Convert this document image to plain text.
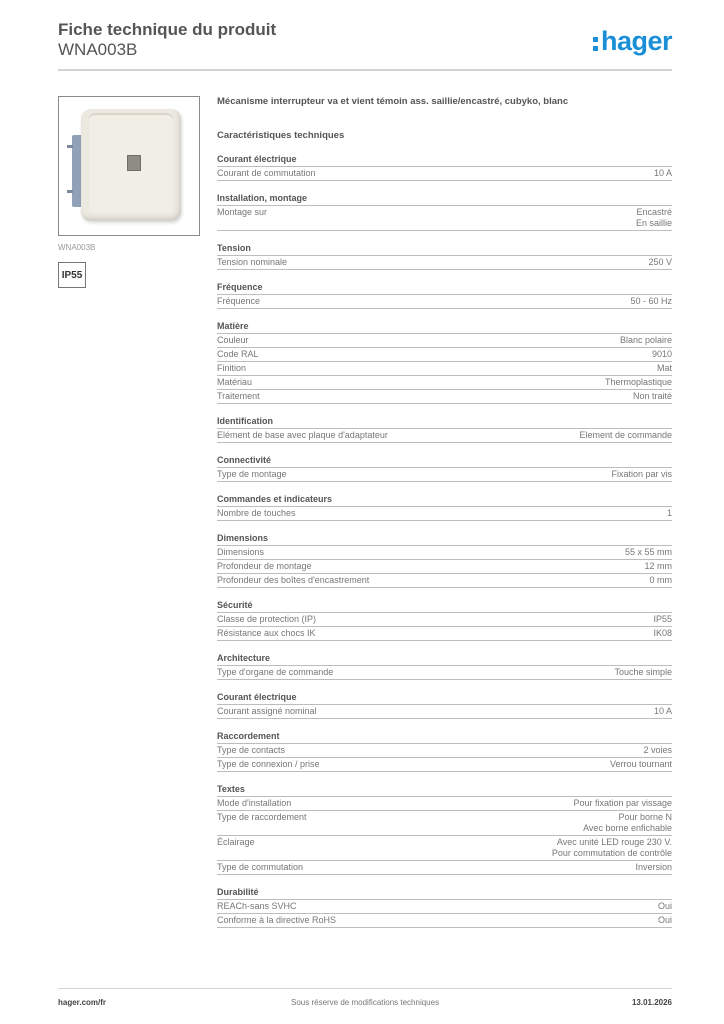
Fiche technique du produit
WNA003B	hager
WNA003B
IP55
Mécanisme interrupteur va et vient témoin ass. saillie/encastré, cubyko, blanc
Caractéristiques techniques
Courant électrique
Courant de commutation	10 A
Installation, montage
Montage sur	Encastré
En saillie
Tension
Tension nominale	250 V
Fréquence
Fréquence	50 - 60 Hz
Matière
Couleur	Blanc polaire
Code RAL	9010
Finition	Mat
Matériau	Thermoplastique
Traitement	Non traité
Identification
Elément de base avec plaque d'adaptateur	Element de commande
Connectivité
Type de montage	Fixation par vis
Commandes et indicateurs
Nombre de touches	1
Dimensions
Dimensions	55 x 55 mm
Profondeur de montage	12 mm
Profondeur des boîtes d'encastrement	0 mm
Sécurité
Classe de protection (IP)	IP55
Résistance aux chocs IK	IK08
Architecture
Type d'organe de commande	Touche simple
Courant électrique
Courant assigné nominal	10 A
Raccordement
Type de contacts	2 voies
Type de connexion / prise	Verrou tournant
Textes
Mode d'installation	Pour fixation par vissage
Type de raccordement	Pour borne N
Avec borne enfichable
Éclairage	Avec unité LED rouge 230 V.
Pour commutation de contrôle
Type de commutation	Inversion
Durabilité
REACh-sans SVHC	Oui
Conforme à la directive RoHS	Oui
hager.com/fr	Sous réserve de modifications techniques	13.01.2026
